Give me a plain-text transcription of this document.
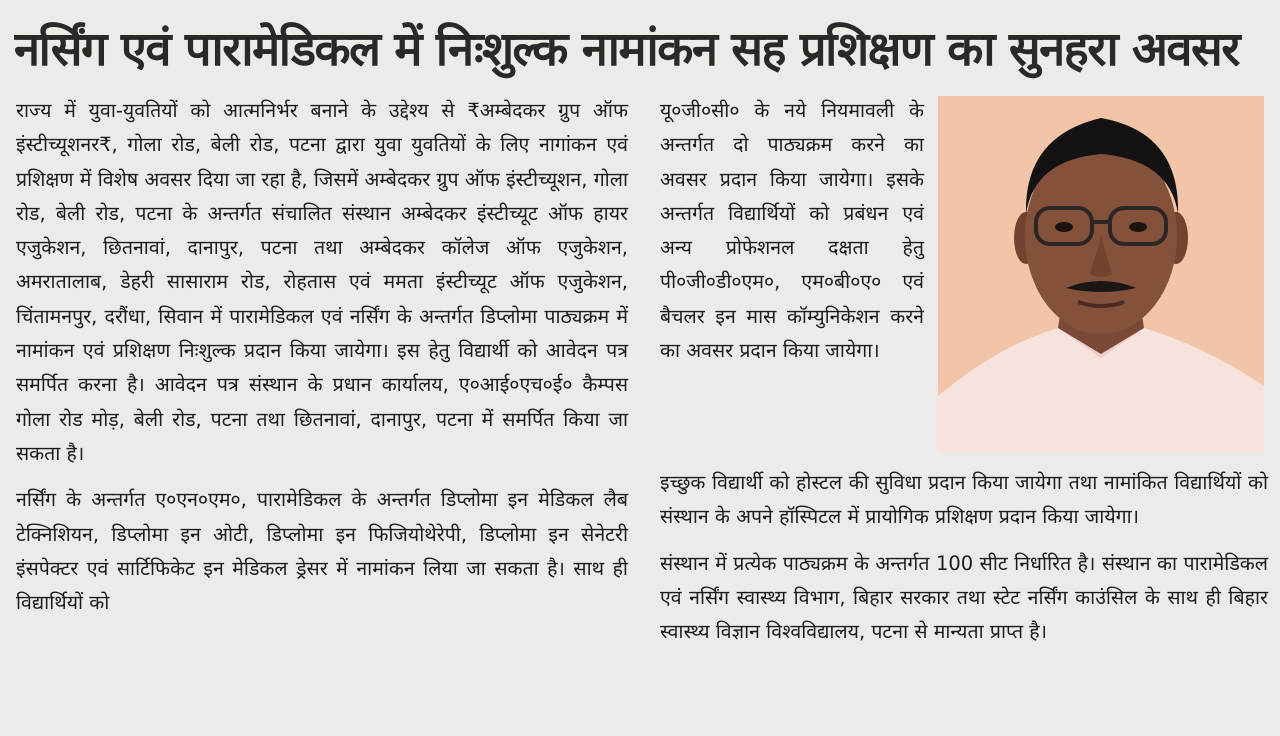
नर्सिंग एवं पारामेडिकल में निःशुल्क नामांकन सह प्रशिक्षण का सुनहरा अवसर

राज्य में युवा-युवतियों को आत्मनिर्भर बनाने के उद्देश्य से ₹अम्बेदकर ग्रुप ऑफ इंस्टीच्यूशनर₹, गोला रोड, बेली रोड, पटना द्वारा युवा युवतियों के लिए नागांकन एवं प्रशिक्षण में विशेष अवसर दिया जा रहा है, जिसमें अम्बेदकर ग्रुप ऑफ इंस्टीच्यूशन, गोला रोड, बेली रोड, पटना के अन्तर्गत संचालित संस्थान अम्बेदकर इंस्टीच्यूट ऑफ हायर एजुकेशन, छितनावां, दानापुर, पटना तथा अम्बेदकर कॉलेज ऑफ एजुकेशन, अमरातालाब, डेहरी सासाराम रोड, रोहतास एवं ममता इंस्टीच्यूट ऑफ एजुकेशन, चिंतामनपुर, दरौंधा, सिवान में पारामेडिकल एवं नर्सिंग के अन्तर्गत डिप्लोमा पाठ्यक्रम में नामांकन एवं प्रशिक्षण निःशुल्क प्रदान किया जायेगा। इस हेतु विद्यार्थी को आवेदन पत्र समर्पित करना है। आवेदन पत्र संस्थान के प्रधान कार्यालय, ए०आई०एच०ई० कैम्पस गोला रोड मोड़, बेली रोड, पटना तथा छितनावां, दानापुर, पटना में समर्पित किया जा सकता है।

नर्सिंग के अन्तर्गत ए०एन०एम०, पारामेडिकल के अन्तर्गत डिप्लोमा इन मेडिकल लैब टेक्निशियन, डिप्लोमा इन ओटी, डिप्लोमा इन फिजियोथेरेपी, डिप्लोमा इन सेनेटरी इंसपेक्टर एवं सार्टिफिकेट इन मेडिकल ड्रेसर में नामांकन लिया जा सकता है। साथ ही विद्यार्थियों को

यू०जी०सी० के नये नियमावली के अन्तर्गत दो पाठ्यक्रम करने का अवसर प्रदान किया जायेगा। इसके अन्तर्गत विद्यार्थियों को प्रबंधन एवं अन्य प्रोफेशनल दक्षता हेतु पी०जी०डी०एम०, एम०बी०ए० एवं बैचलर इन मास कॉम्युनिकेशन करने का अवसर प्रदान किया जायेगा।

इच्छुक विद्यार्थी को होस्टल की सुविधा प्रदान किया जायेगा तथा नामांकित विद्यार्थियों को संस्थान के अपने हॉस्पिटल में प्रायोगिक प्रशिक्षण प्रदान किया जायेगा।

संस्थान में प्रत्येक पाठ्यक्रम के अन्तर्गत 100 सीट निर्धारित है। संस्थान का पारामेडिकल एवं नर्सिंग स्वास्थ्य विभाग, बिहार सरकार तथा स्टेट नर्सिंग काउंसिल के साथ ही बिहार स्वास्थ्य विज्ञान विश्वविद्यालय, पटना से मान्यता प्राप्त है।
